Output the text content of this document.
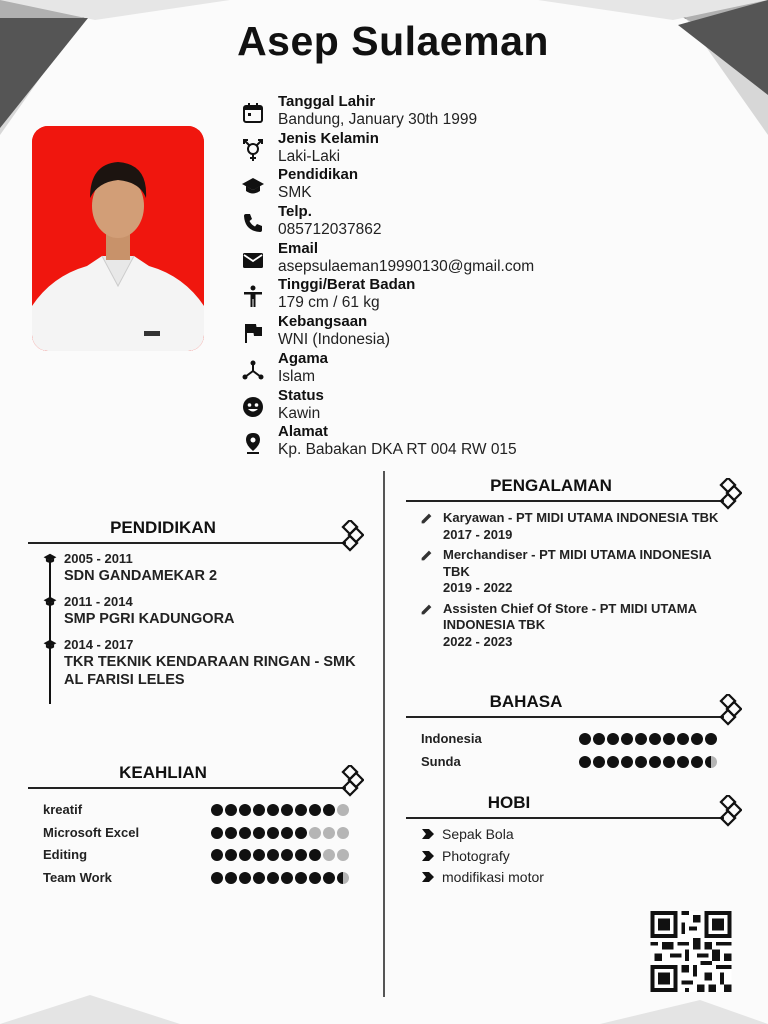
Asep Sulaeman
Tanggal Lahir
Bandung, January 30th 1999
Jenis Kelamin
Laki-Laki
Pendidikan
SMK
Telp.
085712037862
Email
asepsulaeman19990130@gmail.com
Tinggi/Berat Badan
179 cm / 61 kg
Kebangsaan
WNI (Indonesia)
Agama
Islam
Status
Kawin
Alamat
Kp. Babakan DKA RT 004 RW 015
PENDIDIKAN
2005 - 2011
SDN GANDAMEKAR 2
2011 - 2014
SMP PGRI KADUNGORA
2014 - 2017
TKR TEKNIK KENDARAAN RINGAN - SMK AL FARISI LELES
KEAHLIAN
kreatif
Microsoft Excel
Editing
Team Work
PENGALAMAN
Karyawan - PT MIDI UTAMA INDONESIA TBK
2017 - 2019
Merchandiser - PT MIDI UTAMA INDONESIA TBK
2019 - 2022
Assisten Chief Of Store - PT MIDI UTAMA INDONESIA TBK
2022 - 2023
BAHASA
Indonesia
Sunda
HOBI
Sepak Bola
Photografy
modifikasi motor
